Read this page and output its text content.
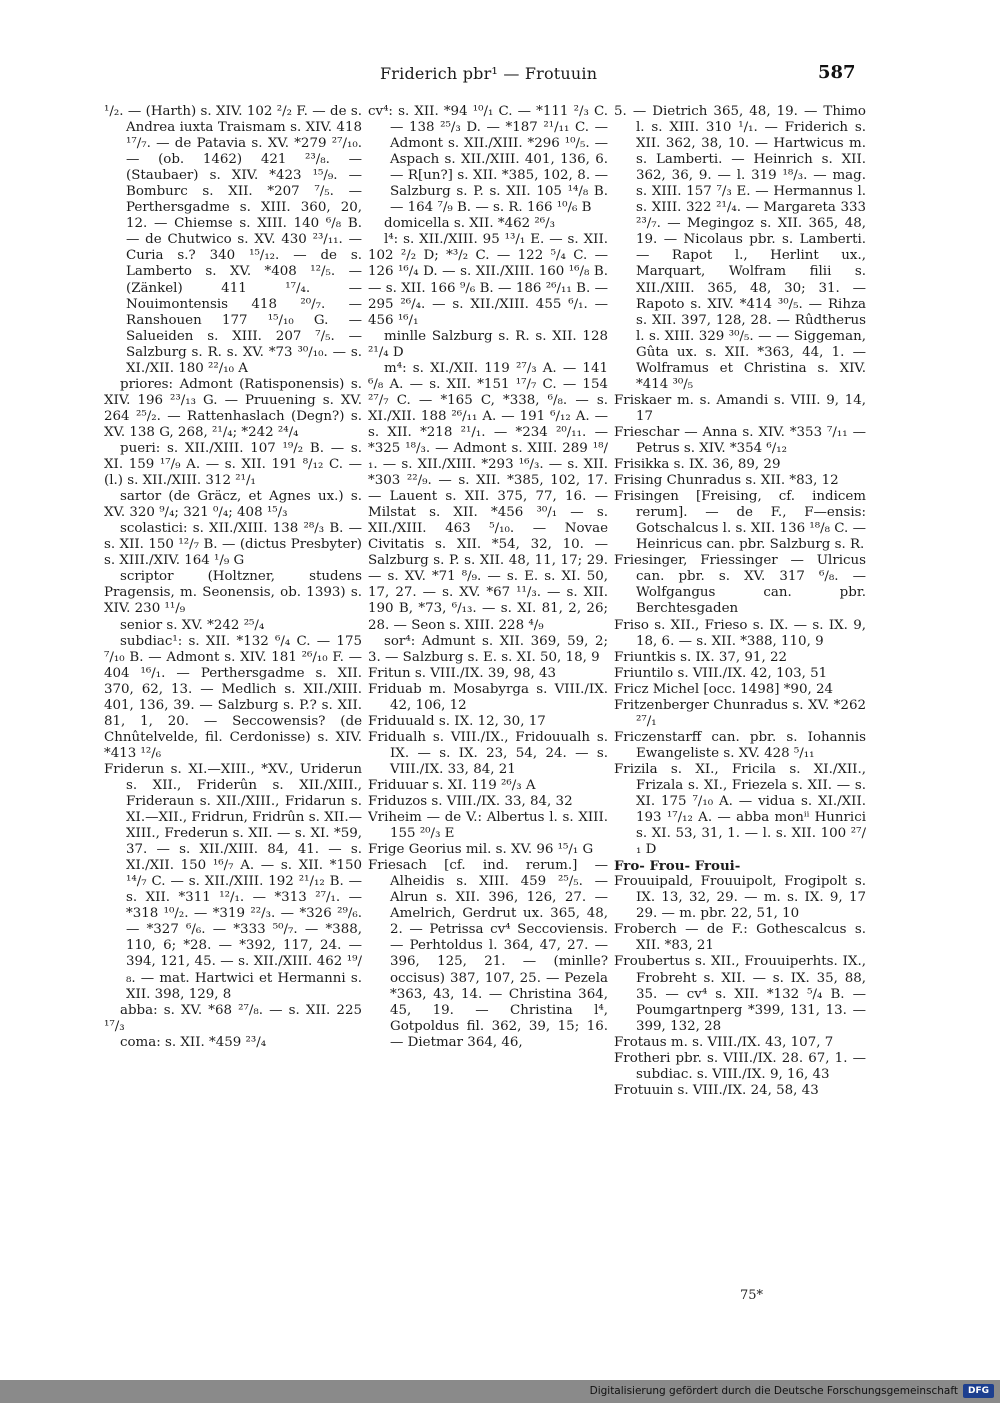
Friderich pbr¹ — Frotuuin	587

¹/₂. — (Harth) s. XIV. 102 ²/₂ F. — de s. Andrea iuxta Traismam s. XIV. 418 ¹⁷/₇. — de Patavia s. XV. *279 ²⁷/₁₀. — (ob. 1462) 421 ²³/₈. — (Staubaer) s. XIV. *423 ¹⁵/₉. — Bomburc s. XII. *207 ⁷/₅. — Perthersgadme s. XIII. 360, 20, 12. — Chiemse s. XIII. 140 ⁶/₈ B. — de Chutwico s. XV. 430 ²³/₁₁. — Curia s.? 340 ¹⁵/₁₂. — de s. Lamberto s. XV. *408 ¹²/₅. — (Zänkel) 411 ¹⁷/₄. — Nouimontensis 418 ²⁰/₇. — Ranshouen 177 ¹⁵/₁₀ G. — Salueiden s. XIII. 207 ⁷/₅. — Salzburg s. R. s. XV. *73 ³⁰/₁₀. — s. XI./XII. 180 ²²/₁₀ A

priores: Admont (Ratisponensis) s. XIV. 196 ²³/₁₃ G. — Pruuening s. XV. 264 ²⁵/₂. — Rattenhaslach (Degn?) s. XV. 138 G, 268, ²¹/₄; *242 ²⁴/₄

pueri: s. XII./XIII. 107 ¹⁹/₂ B. — s. XI. 159 ¹⁷/₉ A. — s. XII. 191 ⁸/₁₂ C. — (l.) s. XII./XIII. 312 ²¹/₁

sartor (de Gräcz, et Agnes ux.) s. XV. 320 ⁹/₄; 321 ⁰/₄; 408 ¹⁵/₃

scolastici: s. XII./XIII. 138 ²⁸/₃ B. — s. XII. 150 ¹²/₇ B. — (dictus Presbyter) s. XIII./XIV. 164 ¹/₉ G

scriptor (Holtzner, studens Pragensis, m. Seonensis, ob. 1393) s. XIV. 230 ¹¹/₉

senior s. XV. *242 ²⁵/₄

subdiac¹: s. XII. *132 ⁶/₄ C. — 175 ⁷/₁₀ B. — Admont s. XIV. 181 ²⁶/₁₀ F. — 404 ¹⁶/₁. — Perthersgadme s. XII. 370, 62, 13. — Medlich s. XII./XIII. 401, 136, 39. — Salzburg s. P.? s. XII. 81, 1, 20. — Seccowensis? (de Chnûtelvelde, fil. Cerdonisse) s. XIV. *413 ¹²/₆

Friderun s. XI.—XIII., *XV., Uriderun s. XII., Friderûn s. XII./XIII., Frideraun s. XII./XIII., Fridarun s. XI.—XII., Fridrun, Fridrûn s. XII.—XIII., Frederun s. XII. — s. XI. *59, 37. — s. XII./XIII. 84, 41. — s. XI./XII. 150 ¹⁶/₇ A. — s. XII. *150 ¹⁴/₇ C. — s. XII./XIII. 192 ²¹/₁₂ B. — s. XII. *311 ¹²/₁. — *313 ²⁷/₁. — *318 ¹⁰/₂. — *319 ²²/₃. — *326 ²⁹/₆. — *327 ⁶/₆. — *333 ⁵⁰/₇. — *388, 110, 6; *28. — *392, 117, 24. — 394, 121, 45. — s. XII./XIII. 462 ¹⁹/₈. — mat. Hartwici et Hermanni s. XII. 398, 129, 8

abba: s. XV. *68 ²⁷/₈. — s. XII. 225 ¹⁷/₃

coma: s. XII. *459 ²³/₄

cv⁴: s. XII. *94 ¹⁰/₁ C. — *111 ²/₃ C. — 138 ²⁵/₃ D. — *187 ²¹/₁₁ C. — Admont s. XII./XIII. *296 ¹⁰/₅. — Aspach s. XII./XIII. 401, 136, 6. — R[un?] s. XII. *385, 102, 8. — Salzburg s. P. s. XII. 105 ¹⁴/₈ B. — 164 ⁷/₉ B. — s. R. 166 ¹⁰/₆ B

domicella s. XII. *462 ²⁶/₃

l⁴: s. XII./XIII. 95 ¹³/₁ E. — s. XII. 102 ²/₂ D; *³/₂ C. — 122 ⁵/₄ C. — 126 ¹⁶/₄ D. — s. XII./XIII. 160 ¹⁶/₈ B. — s. XII. 166 ⁹/₆ B. — 186 ²⁶/₁₁ B. — 295 ²⁶/₄. — s. XII./XIII. 455 ⁶/₁. — 456 ¹⁶/₁

minlle Salzburg s. R. s. XII. 128 ²¹/₄ D

m⁴: s. XI./XII. 119 ²⁷/₃ A. — 141 ⁶/₈ A. — s. XII. *151 ¹⁷/₇ C. — 154 ²⁷/₇ C. — *165 C, *338, ⁶/₈. — s. XI./XII. 188 ²⁶/₁₁ A. — 191 ⁶/₁₂ A. — s. XII. *218 ²¹/₁. — *234 ²⁰/₁₁. — *325 ¹⁸/₃. — Admont s. XIII. 289 ¹⁸/₁. — s. XII./XIII. *293 ¹⁶/₃. — s. XII. *303 ²²/₉. — s. XII. *385, 102, 17. — Lauent s. XII. 375, 77, 16. — Milstat s. XII. *456 ³⁰/₁ — s. XII./XIII. 463 ⁵/₁₀. — Novae Civitatis s. XII. *54, 32, 10. — Salzburg s. P. s. XII. 48, 11, 17; 29. — s. XV. *71 ⁸/₉. — s. E. s. XI. 50, 17, 27. — s. XV. *67 ¹¹/₃. — s. XII. 190 B, *73, ⁶/₁₃. — s. XI. 81, 2, 26; 28. — Seon s. XIII. 228 ⁴/₉

sor⁴: Admunt s. XII. 369, 59, 2; 3. — Salzburg s. E. s. XI. 50, 18, 9

Fritun s. VIII./IX. 39, 98, 43

Friduab m. Mosabyrga s. VIII./IX. 42, 106, 12

Friduuald s. IX. 12, 30, 17

Fridualh s. VIII./IX., Fridouualh s. IX. — s. IX. 23, 54, 24. — s. VIII./IX. 33, 84, 21

Friduuar s. XI. 119 ²⁶/₃ A

Friduzos s. VIII./IX. 33, 84, 32

Vriheim — de V.: Albertus l. s. XIII. 155 ²⁰/₃ E

Frige Georius mil. s. XV. 96 ¹⁵/₁ G

Friesach [cf. ind. rerum.] — Alheidis s. XIII. 459 ²⁵/₅. — Alrun s. XII. 396, 126, 27. — Amelrich, Gerdrut ux. 365, 48, 2. — Petrissa cv⁴ Seccoviensis. — Perhtoldus l. 364, 47, 27. — 396, 125, 21. — (minlle? occisus) 387, 107, 25. — Pezela *363, 43, 14. — Christina 364, 45, 19. — Christina l⁴, Gotpoldus fil. 362, 39, 15; 16. — Dietmar 364, 46,

5. — Dietrich 365, 48, 19. — Thimo l. s. XIII. 310 ¹/₁. — Friderich s. XII. 362, 38, 10. — Hartwicus m. s. Lamberti. — Heinrich s. XII. 362, 36, 9. — l. 319 ¹⁸/₃. — mag. s. XIII. 157 ⁷/₃ E. — Hermannus l. s. XIII. 322 ²¹/₄. — Margareta 333 ²³/₇. — Megingoz s. XII. 365, 48, 19. — Nicolaus pbr. s. Lamberti. — Rapot l., Herlint ux., Marquart, Wolfram filii s. XII./XIII. 365, 48, 30; 31. — Rapoto s. XIV. *414 ³⁰/₅. — Rihza s. XII. 397, 128, 28. — Rûdtherus l. s. XIII. 329 ³⁰/₅. — — Siggeman, Gûta ux. s. XII. *363, 44, 1. — Wolframus et Christina s. XIV. *414 ³⁰/₅

Friskaer m. s. Amandi s. VIII. 9, 14, 17

Frieschar — Anna s. XIV. *353 ⁷/₁₁ — Petrus s. XIV. *354 ⁶/₁₂

Frisikka s. IX. 36, 89, 29

Frising Chunradus s. XII. *83, 12

Frisingen [Freising, cf. indicem rerum]. — de F., F—ensis: Gotschalcus l. s. XII. 136 ¹⁸/₈ C. — Heinricus can. pbr. Salzburg s. R.

Friesinger, Friessinger — Ulricus can. pbr. s. XV. 317 ⁶/₈. — Wolfgangus can. pbr. Berchtesgaden

Friso s. XII., Frieso s. IX. — s. IX. 9, 18, 6. — s. XII. *388, 110, 9

Friuntkis s. IX. 37, 91, 22

Friuntilo s. VIII./IX. 42, 103, 51

Fricz Michel [occ. 1498] *90, 24

Fritzenberger Chunradus s. XV. *262 ²⁷/₁

Friczenstarff can. pbr. s. Iohannis Ewangeliste s. XV. 428 ⁵/₁₁

Frizila s. XI., Fricila s. XI./XII., Frizala s. XI., Friezela s. XII. — s. XI. 175 ⁷/₁₀ A. — vidua s. XI./XII. 193 ¹⁷/₁₂ A. — abba monⁱⁱ Hunrici s. XI. 53, 31, 1. — l. s. XII. 100 ²⁷/₁ D

Fro- Frou- Froui-

Frouuipald, Frouuipolt, Frogipolt s. IX. 13, 32, 29. — m. s. IX. 9, 17 29. — m. pbr. 22, 51, 10

Froberch — de F.: Gothescalcus s. XII. *83, 21

Froubertus s. XII., Frouuiperhts. IX., Frobreht s. XII. — s. IX. 35, 88, 35. — cv⁴ s. XII. *132 ⁵/₄ B. — Poumgartnperg *399, 131, 13. — 399, 132, 28

Frotaus m. s. VIII./IX. 43, 107, 7

Frotheri pbr. s. VIII./IX. 28. 67, 1. — subdiac. s. VIII./IX. 9, 16, 43

Frotuuin s. VIII./IX. 24, 58, 43

75*
Digitalisierung gefördert durch die Deutsche Forschungsgemeinschaft	DFG
